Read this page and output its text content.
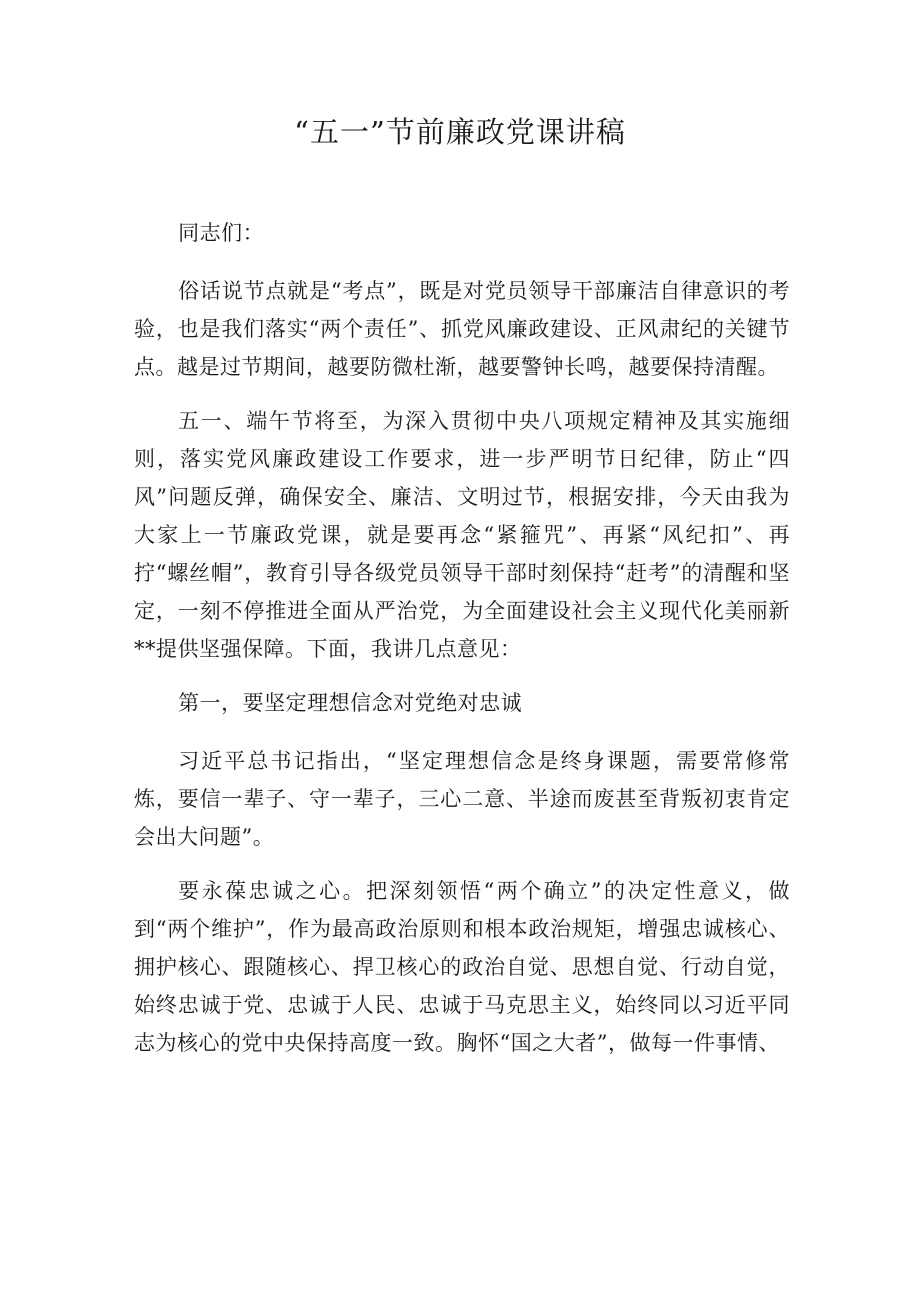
“五一”节前廉政党课讲稿

同志们：

俗话说节点就是“考点”，既是对党员领导干部廉洁自律意识的考验，也是我们落实“两个责任”、抓党风廉政建设、正风肃纪的关键节点。越是过节期间，越要防微杜渐，越要警钟长鸣，越要保持清醒。

五一、端午节将至，为深入贯彻中央八项规定精神及其实施细则，落实党风廉政建设工作要求，进一步严明节日纪律，防止“四风”问题反弹，确保安全、廉洁、文明过节，根据安排，今天由我为大家上一节廉政党课，就是要再念“紧箍咒”、再紧“风纪扣”、再拧“螺丝帽”，教育引导各级党员领导干部时刻保持“赶考”的清醒和坚定，一刻不停推进全面从严治党，为全面建设社会主义现代化美丽新**提供坚强保障。下面，我讲几点意见：

第一，要坚定理想信念对党绝对忠诚

习近平总书记指出，“坚定理想信念是终身课题，需要常修常炼，要信一辈子、守一辈子，三心二意、半途而废甚至背叛初衷肯定会出大问题”。

要永葆忠诚之心。把深刻领悟“两个确立”的决定性意义，做到“两个维护”，作为最高政治原则和根本政治规矩，增强忠诚核心、拥护核心、跟随核心、捍卫核心的政治自觉、思想自觉、行动自觉，始终忠诚于党、忠诚于人民、忠诚于马克思主义，始终同以习近平同志为核心的党中央保持高度一致。胸怀“国之大者”，做每一件事情、
